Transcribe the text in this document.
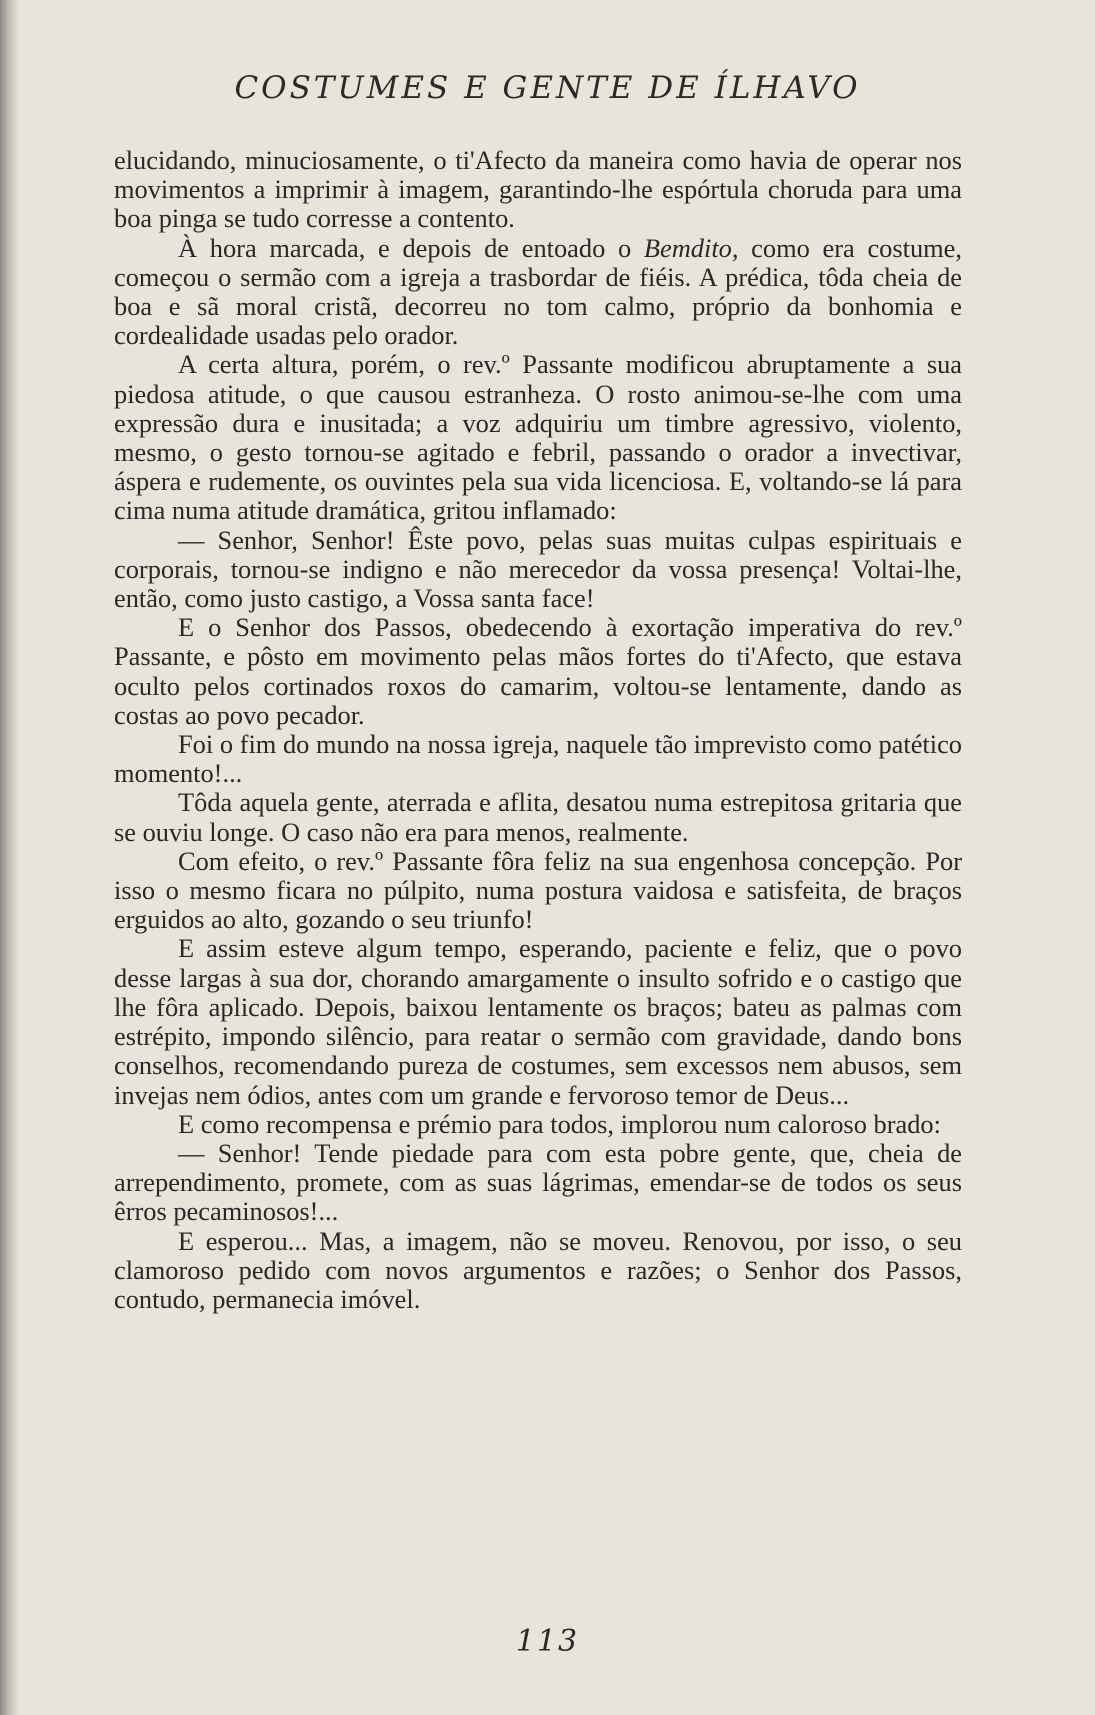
COSTUMES E GENTE DE ÍLHAVO

elucidando, minuciosamente, o ti'Afecto da maneira como havia de operar nos movimentos a imprimir à imagem, garantindo-lhe espórtula choruda para uma boa pinga se tudo corresse a contento.

À hora marcada, e depois de entoado o Bemdito, como era costume, começou o sermão com a igreja a trasbordar de fiéis. A prédica, tôda cheia de boa e sã moral cristã, decorreu no tom calmo, próprio da bonhomia e cordealidade usadas pelo orador.

A certa altura, porém, o rev.º Passante modificou abruptamente a sua piedosa atitude, o que causou estranheza. O rosto animou-se-lhe com uma expressão dura e inusitada; a voz adquiriu um timbre agressivo, violento, mesmo, o gesto tornou-se agitado e febril, passando o orador a invectivar, áspera e rudemente, os ouvintes pela sua vida licenciosa. E, voltando-se lá para cima numa atitude dramática, gritou inflamado:

— Senhor, Senhor! Êste povo, pelas suas muitas culpas espirituais e corporais, tornou-se indigno e não merecedor da vossa presença! Voltai-lhe, então, como justo castigo, a Vossa santa face!

E o Senhor dos Passos, obedecendo à exortação imperativa do rev.º Passante, e pôsto em movimento pelas mãos fortes do ti'Afecto, que estava oculto pelos cortinados roxos do camarim, voltou-se lentamente, dando as costas ao povo pecador.

Foi o fim do mundo na nossa igreja, naquele tão imprevisto como patético momento!...

Tôda aquela gente, aterrada e aflita, desatou numa estrepitosa gritaria que se ouviu longe. O caso não era para menos, realmente.

Com efeito, o rev.º Passante fôra feliz na sua engenhosa concepção. Por isso o mesmo ficara no púlpito, numa postura vaidosa e satisfeita, de braços erguidos ao alto, gozando o seu triunfo!

E assim esteve algum tempo, esperando, paciente e feliz, que o povo desse largas à sua dor, chorando amargamente o insulto sofrido e o castigo que lhe fôra aplicado. Depois, baixou lentamente os braços; bateu as palmas com estrépito, impondo silêncio, para reatar o sermão com gravidade, dando bons conselhos, recomendando pureza de costumes, sem excessos nem abusos, sem invejas nem ódios, antes com um grande e fervoroso temor de Deus...

E como recompensa e prémio para todos, implorou num caloroso brado:

— Senhor! Tende piedade para com esta pobre gente, que, cheia de arrependimento, promete, com as suas lágrimas, emendar-se de todos os seus êrros pecaminosos!...

E esperou... Mas, a imagem, não se moveu. Renovou, por isso, o seu clamoroso pedido com novos argumentos e razões; o Senhor dos Passos, contudo, permanecia imóvel.

113
